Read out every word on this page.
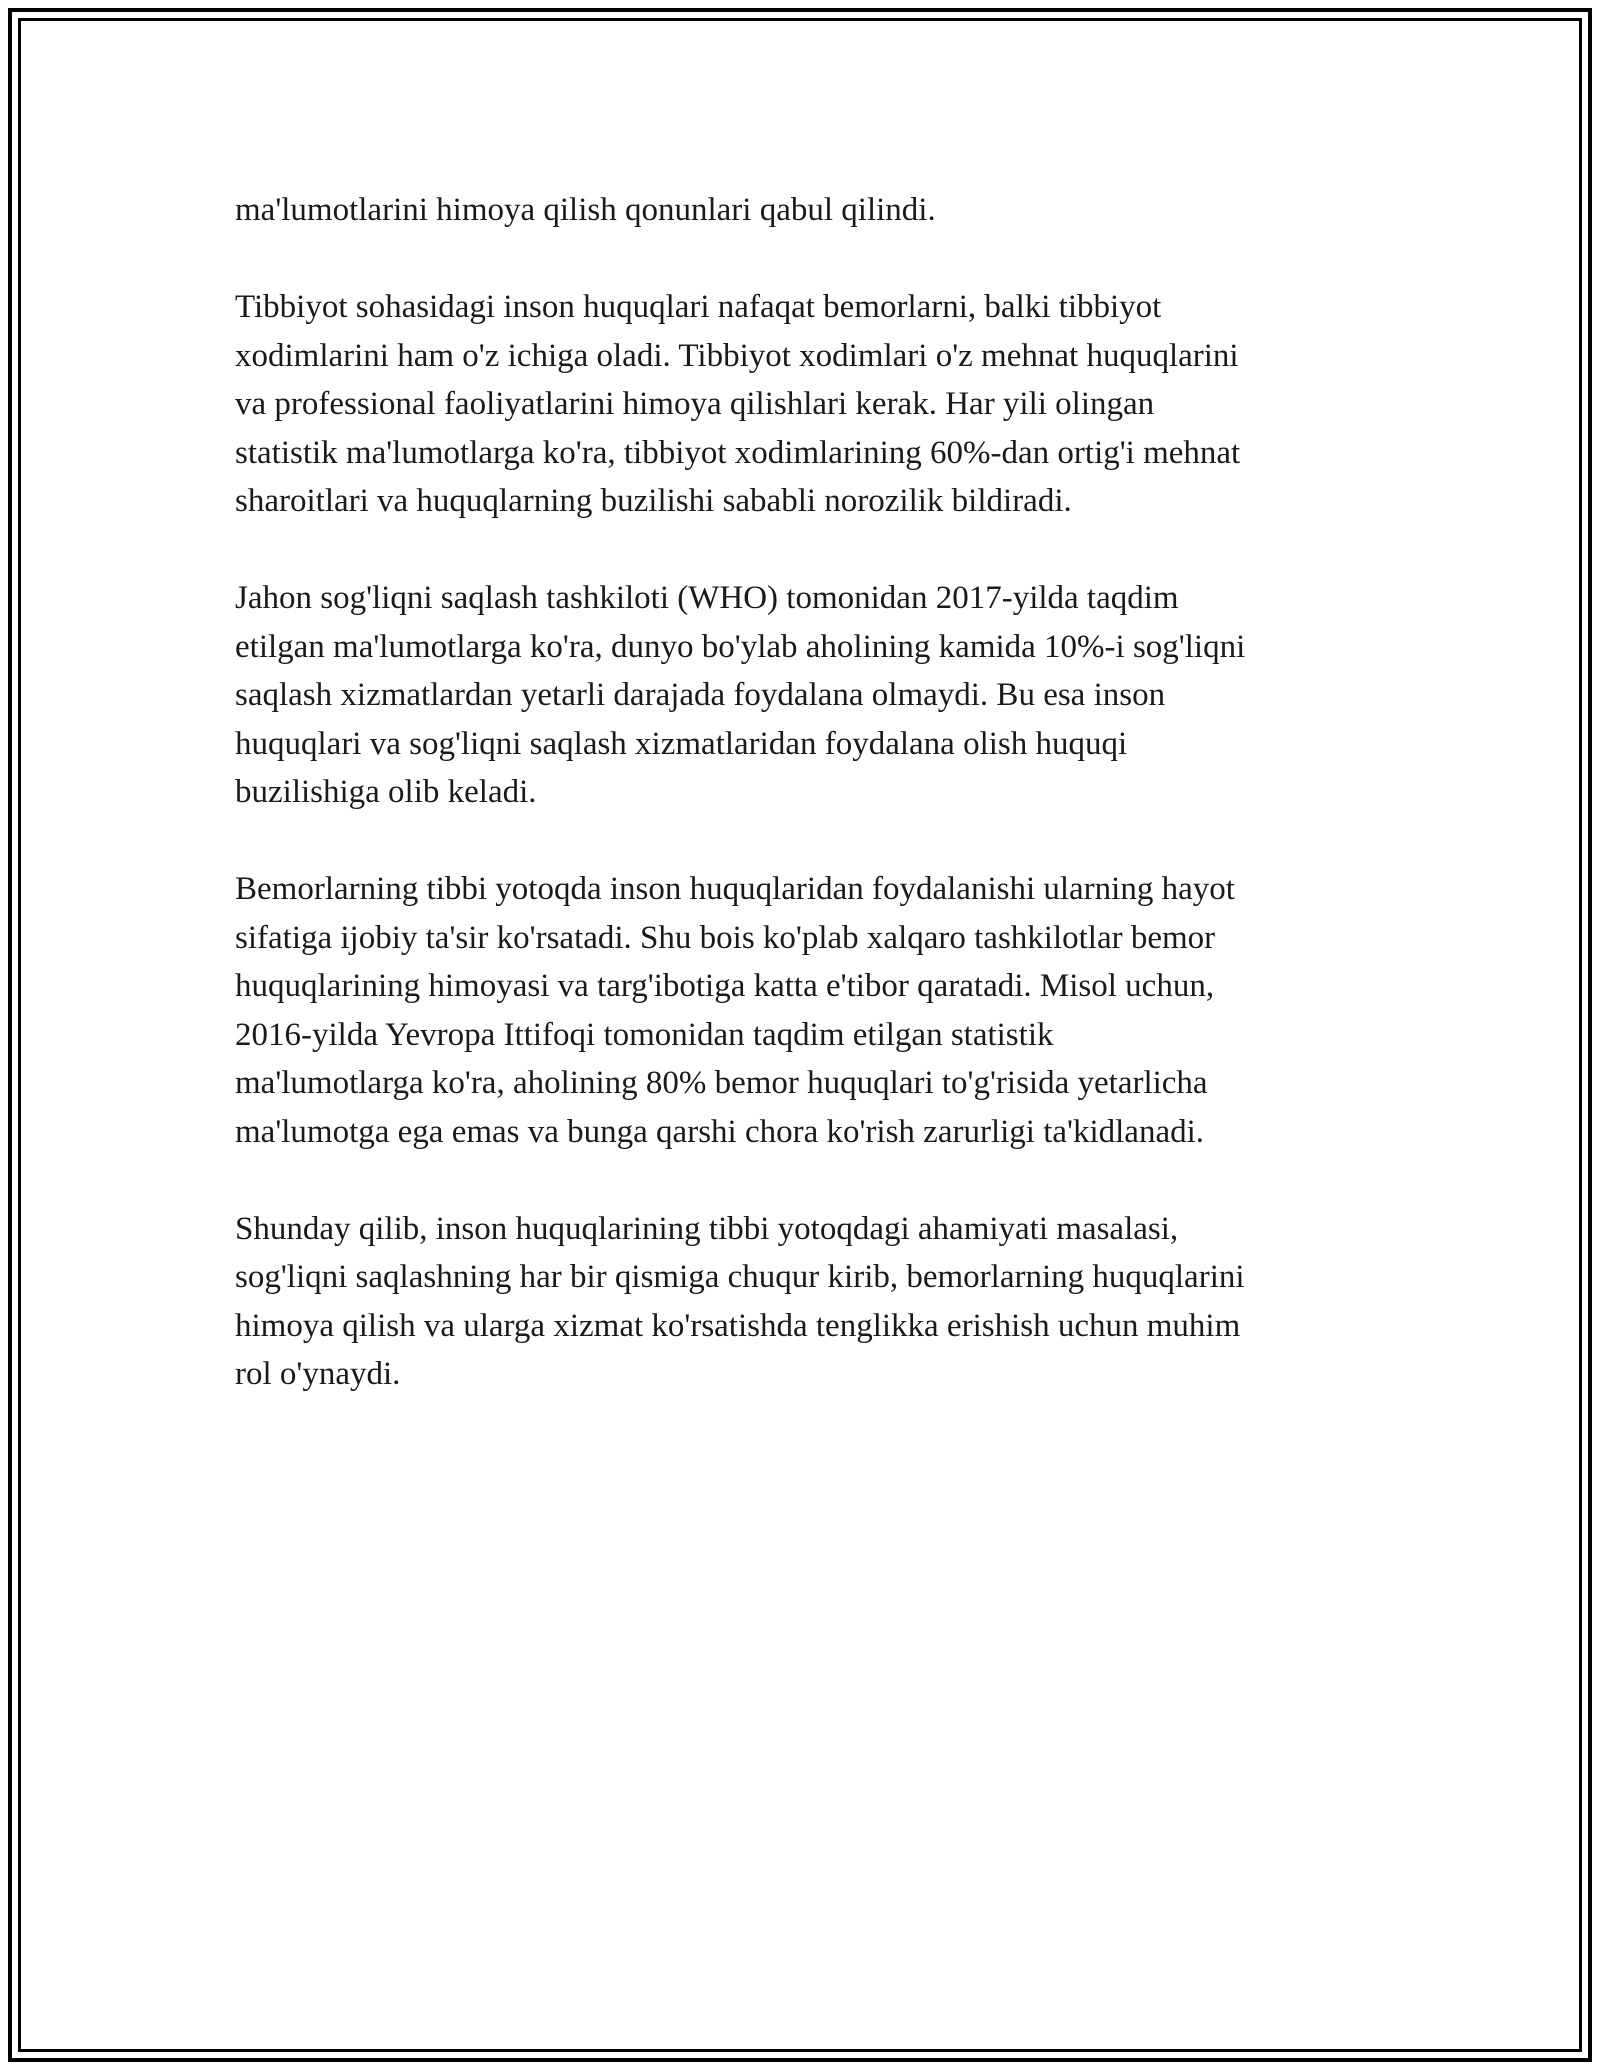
ma'lumotlarini himoya qilish qonunlari qabul qilindi.

Tibbiyot sohasidagi inson huquqlari nafaqat bemorlarni, balki tibbiyot
xodimlarini ham o'z ichiga oladi. Tibbiyot xodimlari o'z mehnat huquqlarini
va professional faoliyatlarini himoya qilishlari kerak. Har yili olingan
statistik ma'lumotlarga ko'ra, tibbiyot xodimlarining 60%-dan ortig'i mehnat
sharoitlari va huquqlarning buzilishi sababli norozilik bildiradi.

Jahon sog'liqni saqlash tashkiloti (WHO) tomonidan 2017-yilda taqdim
etilgan ma'lumotlarga ko'ra, dunyo bo'ylab aholining kamida 10%-i sog'liqni
saqlash xizmatlardan yetarli darajada foydalana olmaydi. Bu esa inson
huquqlari va sog'liqni saqlash xizmatlaridan foydalana olish huquqi
buzilishiga olib keladi.

Bemorlarning tibbi yotoqda inson huquqlaridan foydalanishi ularning hayot
sifatiga ijobiy ta'sir ko'rsatadi. Shu bois ko'plab xalqaro tashkilotlar bemor
huquqlarining himoyasi va targ'ibotiga katta e'tibor qaratadi. Misol uchun,
2016-yilda Yevropa Ittifoqi tomonidan taqdim etilgan statistik
ma'lumotlarga ko'ra, aholining 80% bemor huquqlari to'g'risida yetarlicha
ma'lumotga ega emas va bunga qarshi chora ko'rish zarurligi ta'kidlanadi.

Shunday qilib, inson huquqlarining tibbi yotoqdagi ahamiyati masalasi,
sog'liqni saqlashning har bir qismiga chuqur kirib, bemorlarning huquqlarini
himoya qilish va ularga xizmat ko'rsatishda tenglikka erishish uchun muhim
rol o'ynaydi.
